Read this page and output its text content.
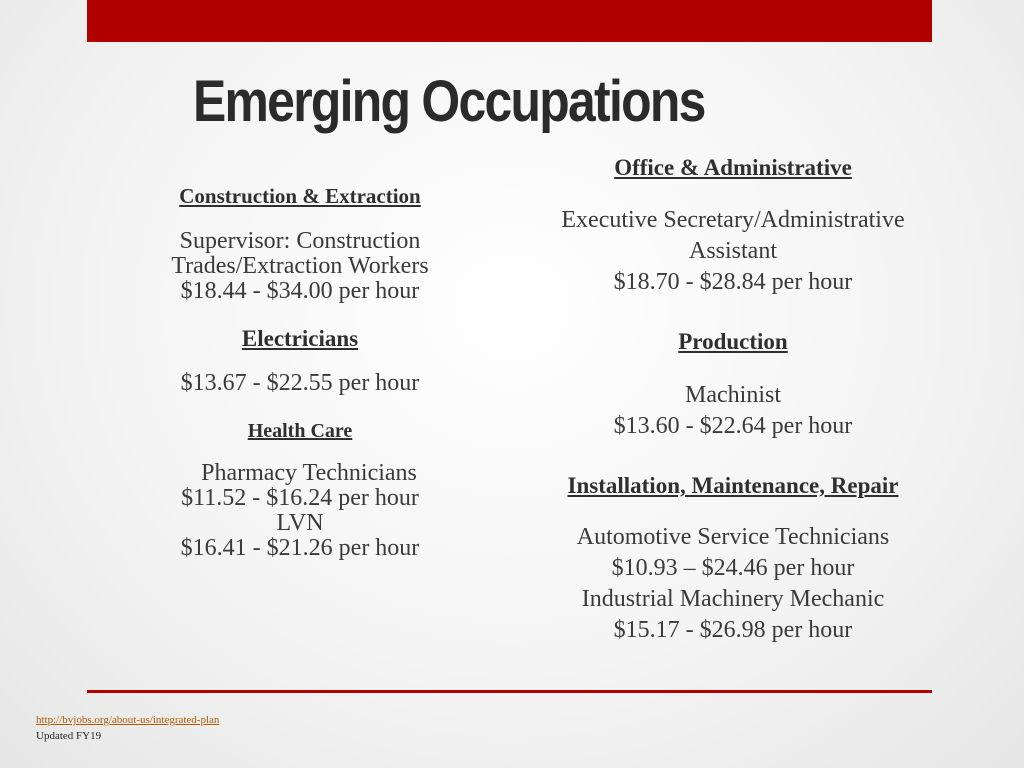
Emerging Occupations
Construction & Extraction
Supervisor: Construction
Trades/Extraction Workers
$18.44 - $34.00 per hour
Electricians
$13.67 - $22.55 per hour
Health Care
Pharmacy Technicians
$11.52 - $16.24 per hour
LVN
$16.41 - $21.26 per hour
Office & Administrative
Executive Secretary/Administrative
Assistant
$18.70 - $28.84 per hour
Production
Machinist
$13.60 - $22.64 per hour
Installation, Maintenance, Repair
Automotive Service Technicians
$10.93 – $24.46 per hour
Industrial Machinery Mechanic
$15.17 - $26.98 per hour
http://bvjobs.org/about-us/integrated-plan
Updated FY19
